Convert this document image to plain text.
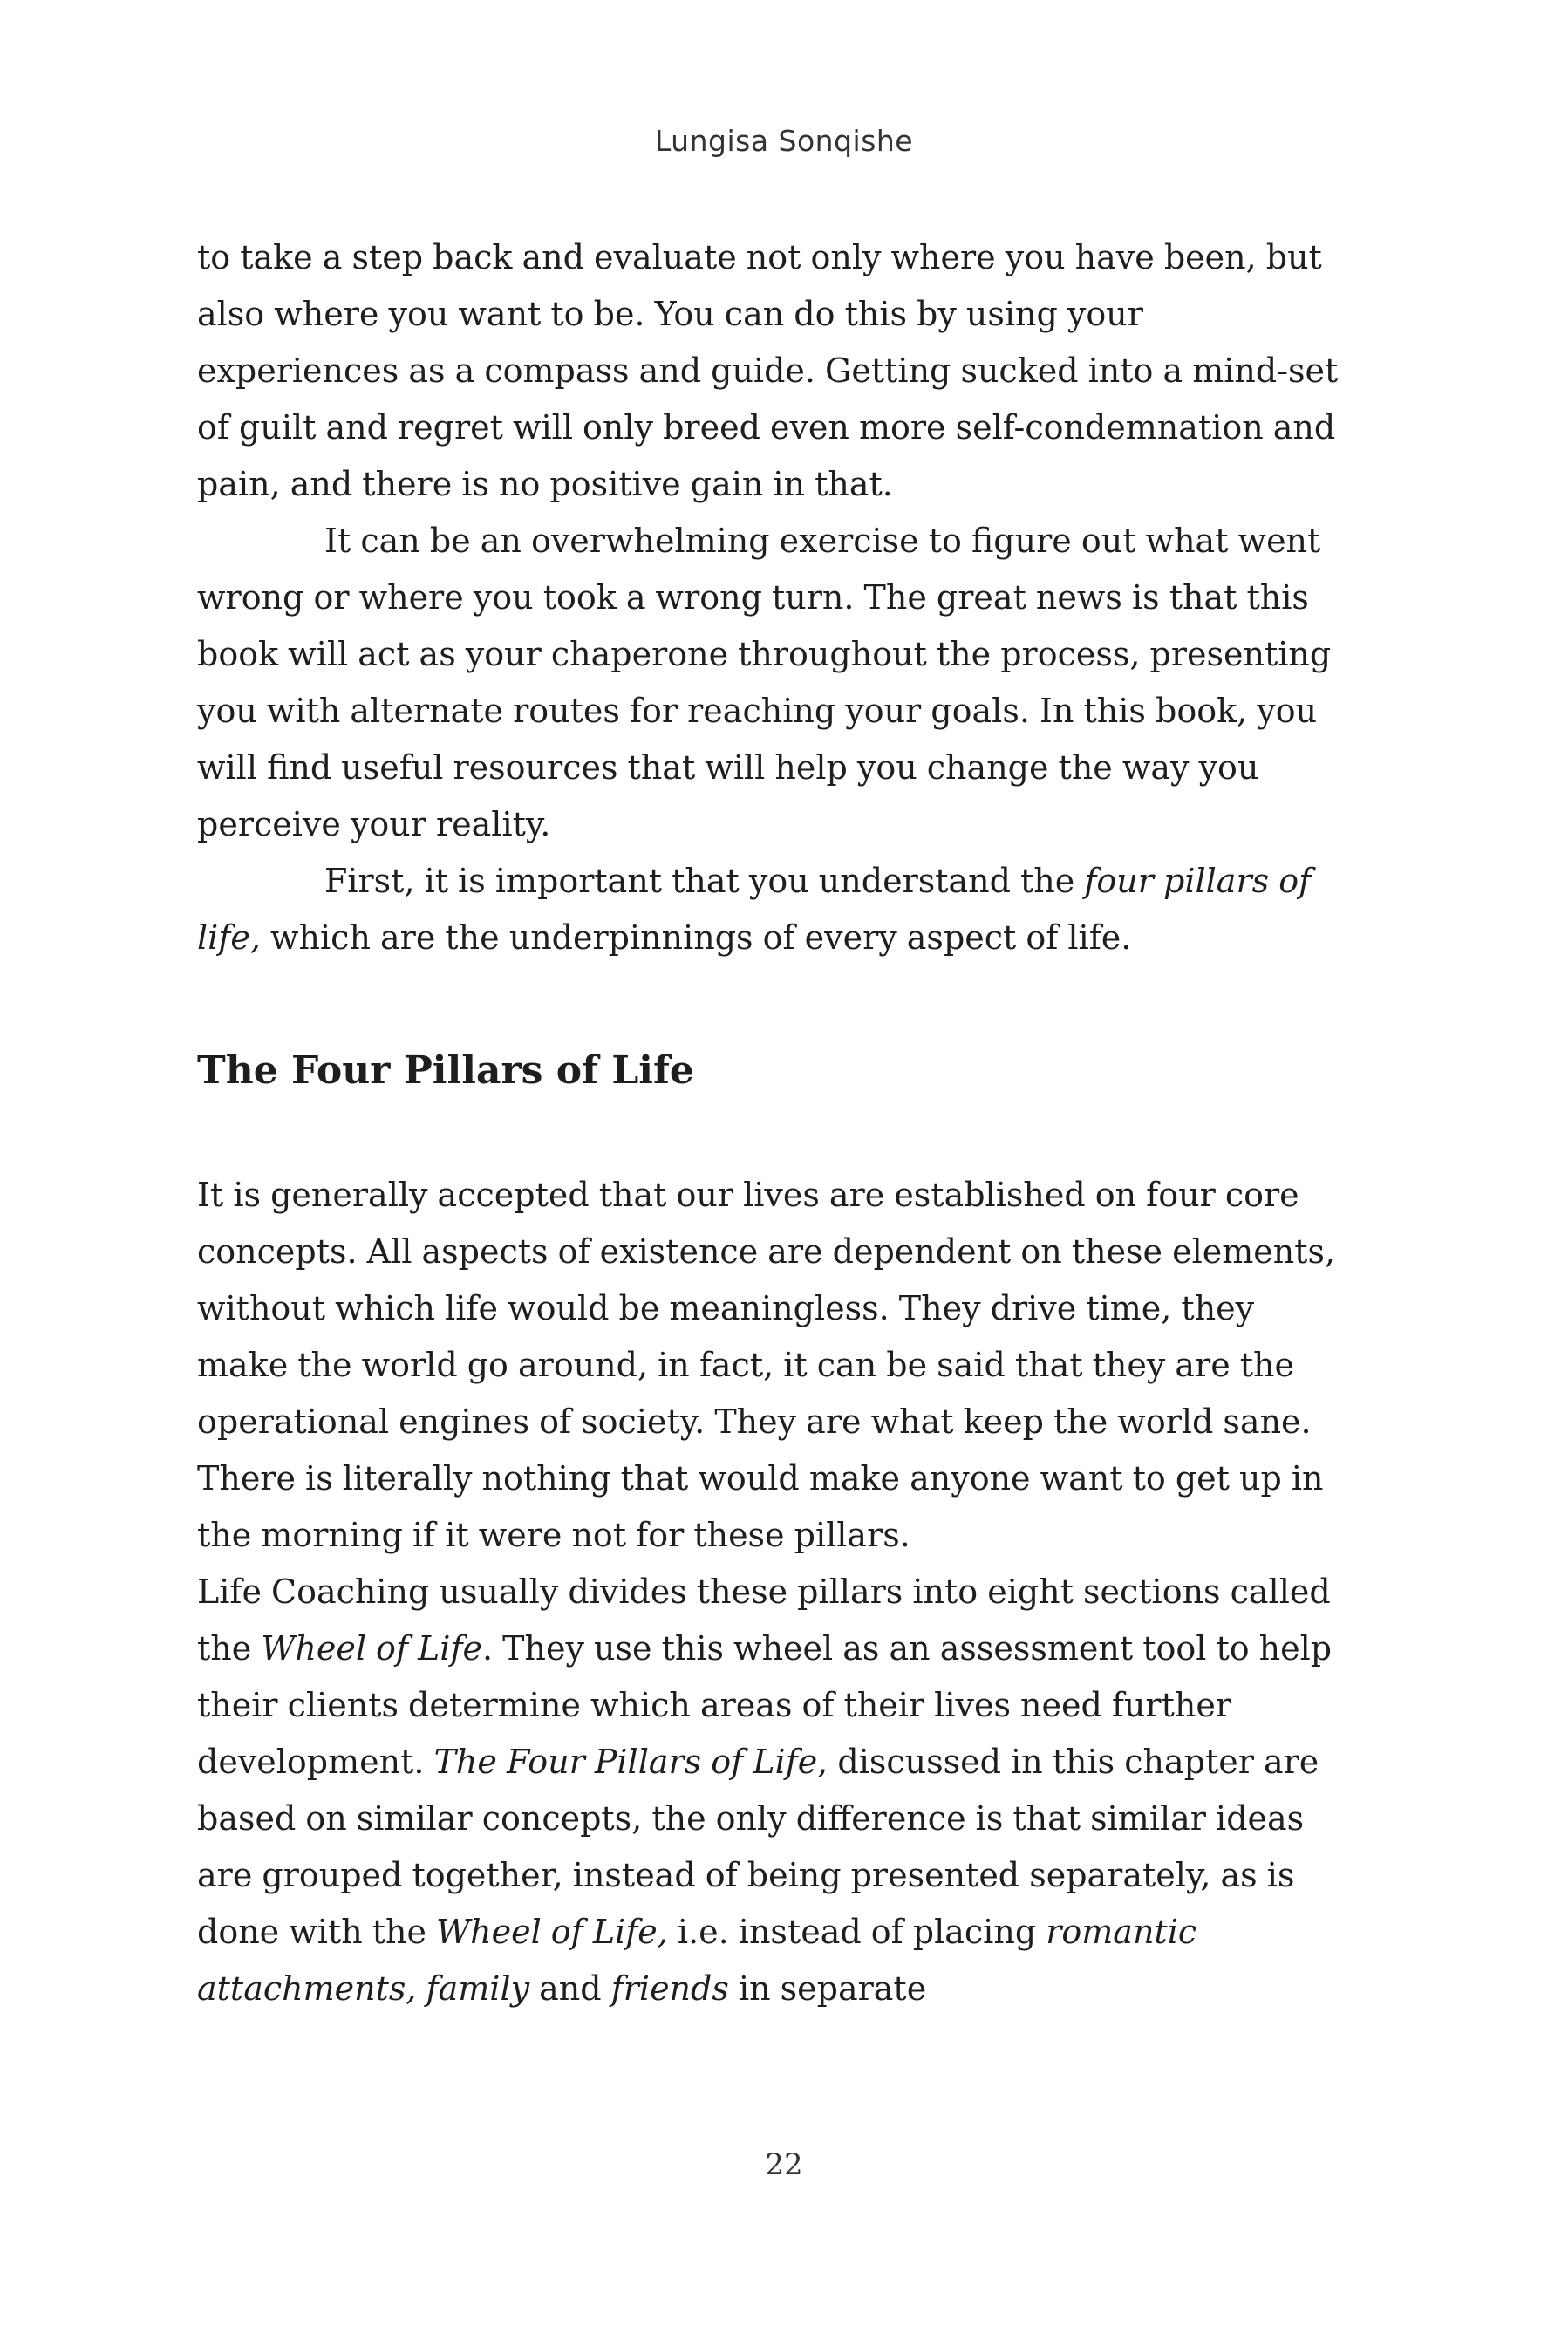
Lungisa Sonqishe

to take a step back and evaluate not only where you have been, but also where you want to be. You can do this by using your experiences as a compass and guide. Getting sucked into a mind-set of guilt and regret will only breed even more self-condemnation and pain, and there is no positive gain in that.

It can be an overwhelming exercise to figure out what went wrong or where you took a wrong turn. The great news is that this book will act as your chaperone throughout the process, presenting you with alternate routes for reaching your goals. In this book, you will find useful resources that will help you change the way you perceive your reality.

First, it is important that you understand the four pillars of life, which are the underpinnings of every aspect of life.

The Four Pillars of Life

It is generally accepted that our lives are established on four core concepts. All aspects of existence are dependent on these elements, without which life would be meaningless. They drive time, they make the world go around, in fact, it can be said that they are the operational engines of society. They are what keep the world sane. There is literally nothing that would make anyone want to get up in the morning if it were not for these pillars.

Life Coaching usually divides these pillars into eight sections called the Wheel of Life. They use this wheel as an assessment tool to help their clients determine which areas of their lives need further development. The Four Pillars of Life, discussed in this chapter are based on similar concepts, the only difference is that similar ideas are grouped together, instead of being presented separately, as is done with the Wheel of Life, i.e. instead of placing romantic attachments, family and friends in separate

22
